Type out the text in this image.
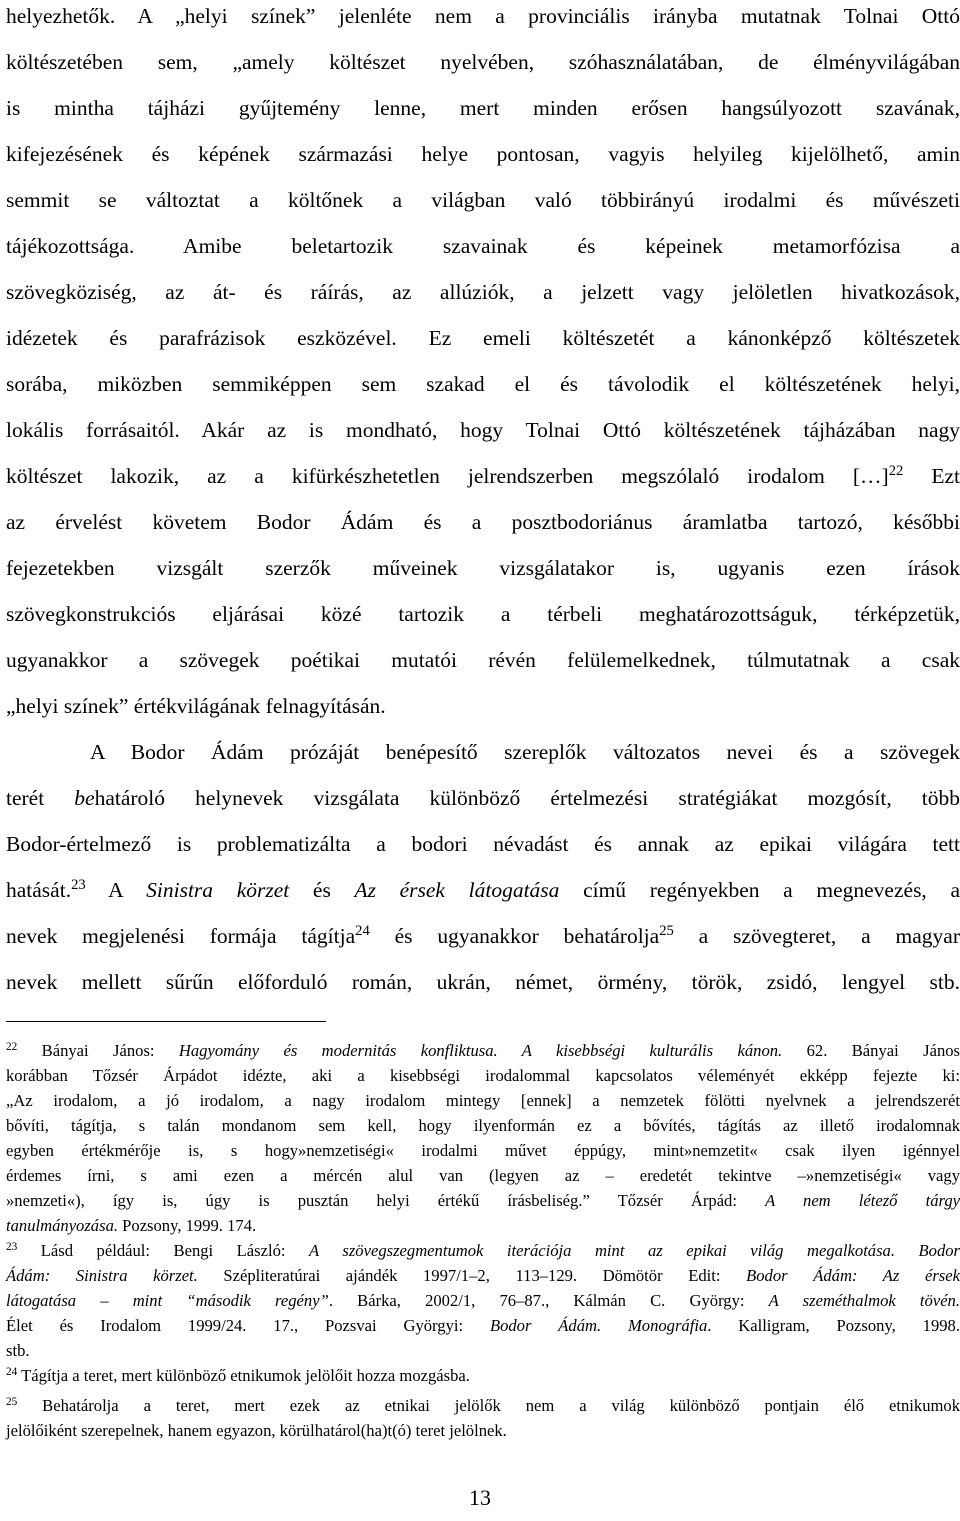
helyezhetők. A „helyi színek” jelenléte nem a provinciális irányba mutatnak Tolnai Ottó
költészetében sem, „amely költészet nyelvében, szóhasználatában, de élményvilágában
is mintha tájházi gyűjtemény lenne, mert minden erősen hangsúlyozott szavának,
kifejezésének és képének származási helye pontosan, vagyis helyileg kijelölhető, amin
semmit se változtat a költőnek a világban való többirányú irodalmi és művészeti
tájékozottsága. Amibe beletartozik szavainak és képeinek metamorfózisa a
szövegköziség, az át- és ráírás, az allúziók, a jelzett vagy jelöletlen hivatkozások,
idézetek és parafrázisok eszközével. Ez emeli költészetét a kánonképző költészetek
sorába, miközben semmiképpen sem szakad el és távolodik el költészetének helyi,
lokális forrásaitól. Akár az is mondható, hogy Tolnai Ottó költészetének tájházában nagy
költészet lakozik, az a kifürkészhetetlen jelrendszerben megszólaló irodalom […]$^{22}$ Ezt
az érvelést követem Bodor Ádám és a posztbodoriánus áramlatba tartozó, későbbi
fejezetekben vizsgált szerzők műveinek vizsgálatakor is, ugyanis ezen írások
szövegkonstrukciós eljárásai közé tartozik a térbeli meghatározottságuk, térképzetük,
ugyanakkor a szövegek poétikai mutatói révén felülemelkednek, túlmutatnak a csak
„helyi színek” értékvilágának felnagyításán.
A Bodor Ádám prózáját benépesítő szereplők változatos nevei és a szövegek
terét behatároló helynevek vizsgálata különböző értelmezési stratégiákat mozgósít, több
Bodor-értelmező is problematizálta a bodori névadást és annak az epikai világára tett
hatását.$^{23}$ A Sinistra körzet és Az érsek látogatása című regényekben a megnevezés, a
nevek megjelenési formája tágítja$^{24}$ és ugyanakkor behatárolja$^{25}$ a szövegteret, a magyar
nevek mellett sűrűn előforduló román, ukrán, német, örmény, török, zsidó, lengyel stb.
$^{22}$ Bányai János: Hagyomány és modernitás konfliktusa. A kisebbségi kulturális kánon. 62. Bányai János
korábban Tőzsér Árpádot idézte, aki a kisebbségi irodalommal kapcsolatos véleményét ekképp fejezte ki:
„Az irodalom, a jó irodalom, a nagy irodalom mintegy [ennek] a nemzetek fölötti nyelvnek a jelrendszerét
bővíti, tágítja, s talán mondanom sem kell, hogy ilyenformán ez a bővítés, tágítás az illető irodalomnak
egyben értékmérője is, s hogy»nemzetiségi« irodalmi művet éppúgy, mint»nemzetit« csak ilyen igénnyel
érdemes írni, s ami ezen a mércén alul van (legyen az – eredetét tekintve –»nemzetiségi« vagy
»nemzeti«), így is, úgy is pusztán helyi értékű írásbeliség.” Tőzsér Árpád: A nem létező tárgy
tanulmányozása. Pozsony, 1999. 174.
$^{23}$ Lásd például: Bengi László: A szövegszegmentumok iterációja mint az epikai világ megalkotása. Bodor
Ádám: Sinistra körzet. Szépliteratúrai ajándék 1997/1–2, 113–129. Dömötör Edit: Bodor Ádám: Az érsek
látogatása – mint “második regény”. Bárka, 2002/1, 76–87., Kálmán C. György: A szeméthalmok tövén.
Élet és Irodalom 1999/24. 17., Pozsvai Györgyi: Bodor Ádám. Monográfia. Kalligram, Pozsony, 1998.
stb.
$^{24}$ Tágítja a teret, mert különböző etnikumok jelölőit hozza mozgásba.
$^{25}$ Behatárolja a teret, mert ezek az etnikai jelölők nem a világ különböző pontjain élő etnikumok
jelölőiként szerepelnek, hanem egyazon, körülhatárol(ha)t(ó) teret jelölnek.
13
